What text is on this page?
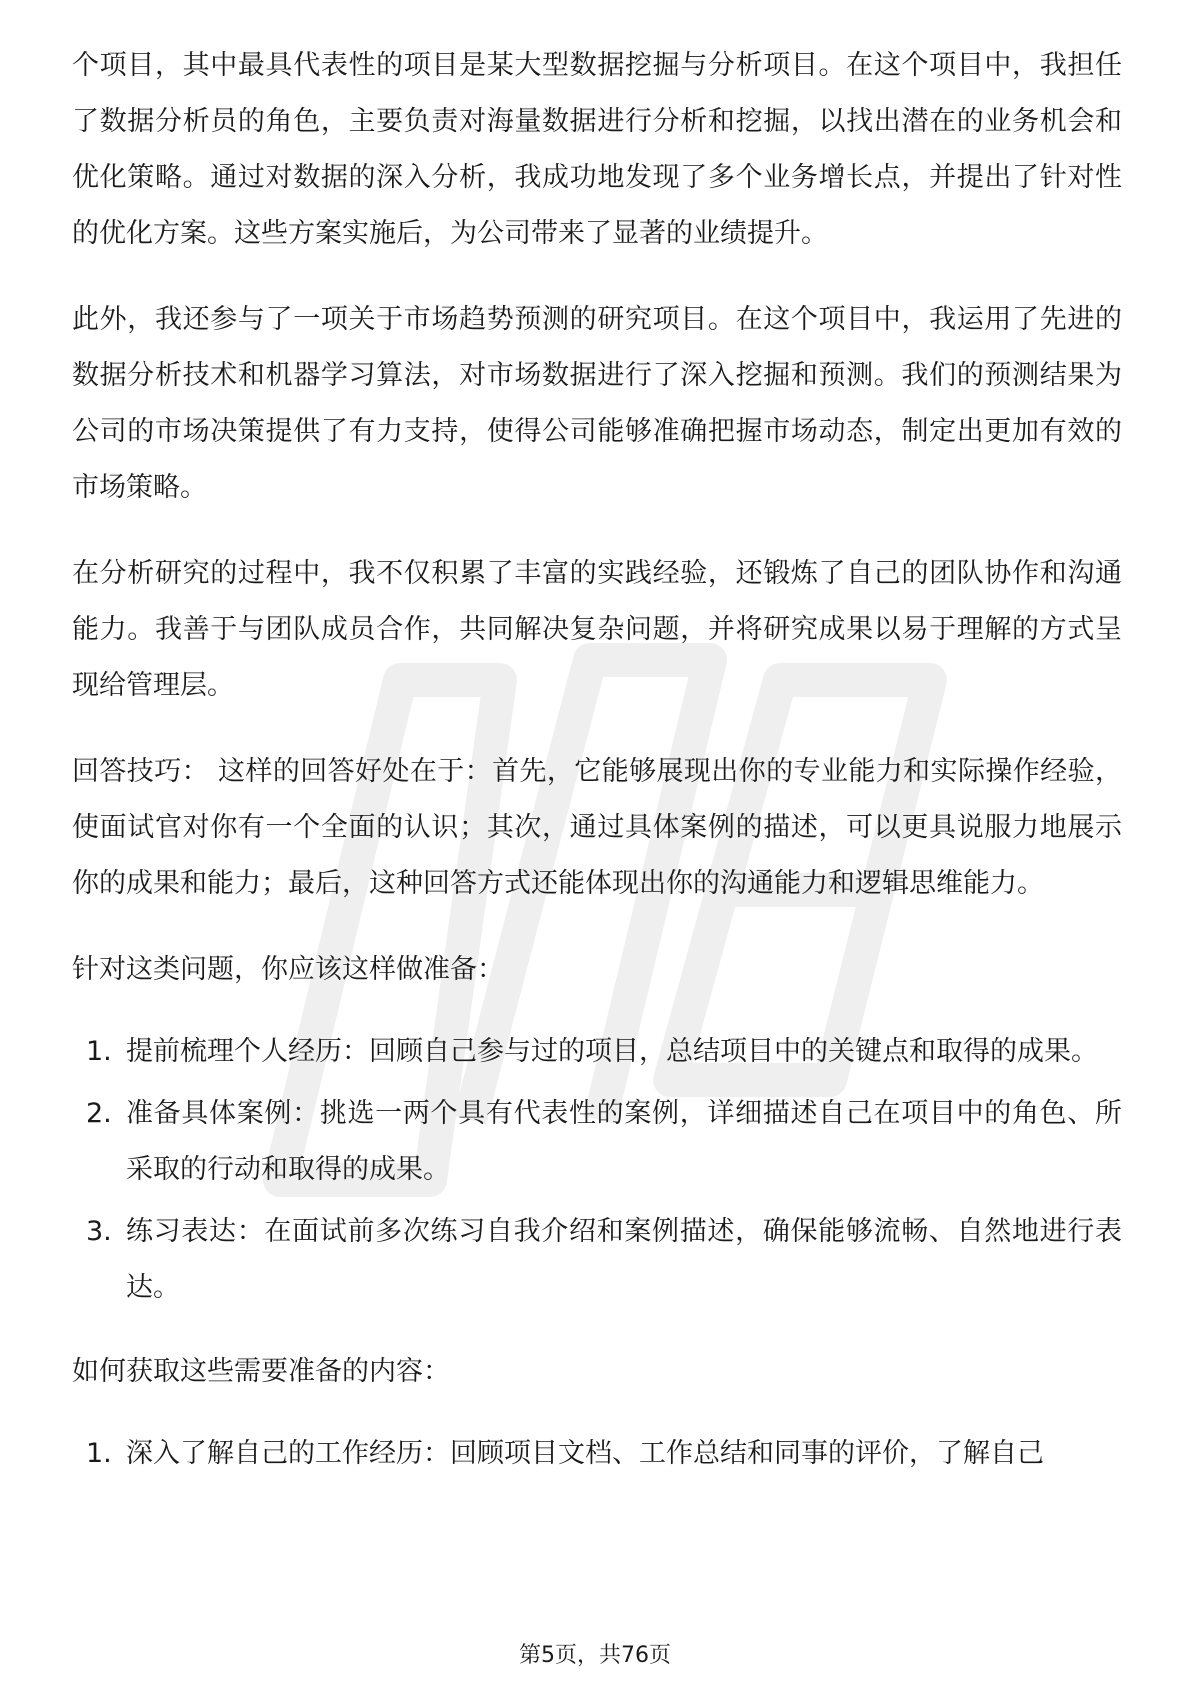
个项目，其中最具代表性的项目是某大型数据挖掘与分析项目。在这个项目中，我担任了数据分析员的角色，主要负责对海量数据进行分析和挖掘，以找出潜在的业务机会和优化策略。通过对数据的深入分析，我成功地发现了多个业务增长点，并提出了针对性的优化方案。这些方案实施后，为公司带来了显著的业绩提升。

此外，我还参与了一项关于市场趋势预测的研究项目。在这个项目中，我运用了先进的数据分析技术和机器学习算法，对市场数据进行了深入挖掘和预测。我们的预测结果为公司的市场决策提供了有力支持，使得公司能够准确把握市场动态，制定出更加有效的市场策略。

在分析研究的过程中，我不仅积累了丰富的实践经验，还锻炼了自己的团队协作和沟通能力。我善于与团队成员合作，共同解决复杂问题，并将研究成果以易于理解的方式呈现给管理层。

回答技巧： 这样的回答好处在于：首先，它能够展现出你的专业能力和实际操作经验，使面试官对你有一个全面的认识；其次，通过具体案例的描述，可以更具说服力地展示你的成果和能力；最后，这种回答方式还能体现出你的沟通能力和逻辑思维能力。

针对这类问题，你应该这样做准备：

1. 提前梳理个人经历：回顾自己参与过的项目，总结项目中的关键点和取得的成果。
2. 准备具体案例：挑选一两个具有代表性的案例，详细描述自己在项目中的角色、所采取的行动和取得的成果。
3. 练习表达：在面试前多次练习自我介绍和案例描述，确保能够流畅、自然地进行表达。

如何获取这些需要准备的内容：

1. 深入了解自己的工作经历：回顾项目文档、工作总结和同事的评价，了解自己
第5页，共76页
